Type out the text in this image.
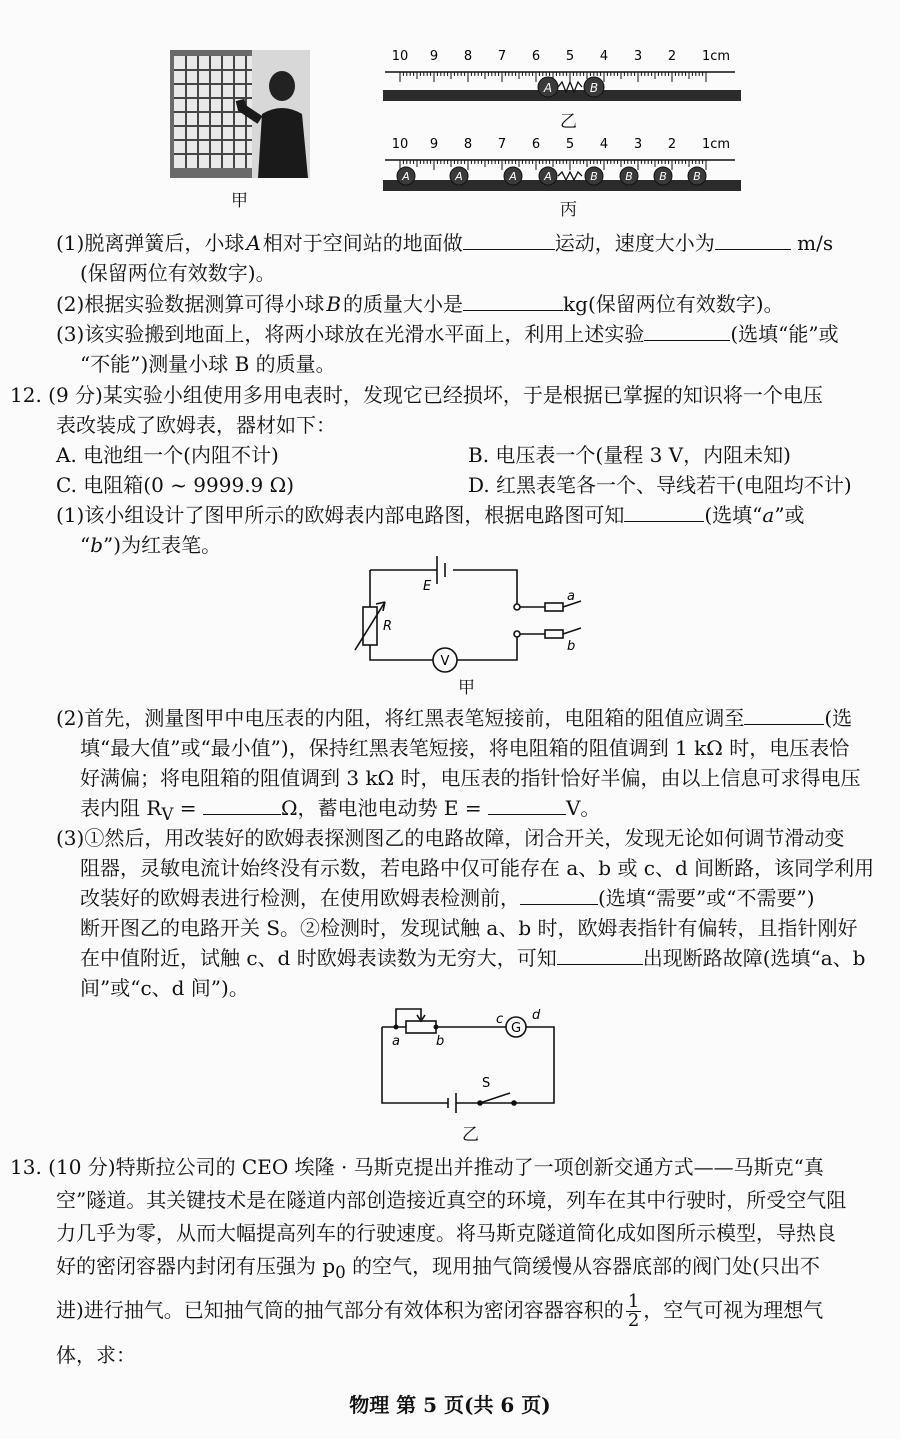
甲
10 9 8 7 6 5 4 3 2 1cm
A	B
乙
10 9 8 7 6 5 4 3 2 1cm
A	A	A A	B B B B
丙
(1)脱离弹簧后，小球  A  相对于空间站的地面做	运动，速度大小为	m/s
(保留两位有效数字)。
(2)根据实验数据测算可得小球  B  的质量大小是	kg(保留两位有效数字)。
(3)该实验搬到地面上，将两小球放在光滑水平面上，利用上述实验	(选填“能”或
“不能”)测量小球 B 的质量。
12. (9 分)某实验小组使用多用电表时，发现它已经损坏，于是根据已掌握的知识将一个电压
表改装成了欧姆表，器材如下：
A. 电池组一个(内阻不计)	B. 电压表一个(量程 3 V，内阻未知)
C. 电阻箱(0 ~ 9999.9 Ω)	D. 红黑表笔各一个、导线若干(电阻均不计)
(1)该小组设计了图甲所示的欧姆表内部电路图，根据电路图可知	(选填“a”或
“b”)为红表笔。
E
R
V
a
b
甲
(2)首先，测量图甲中电压表的内阻，将红黑表笔短接前，电阻箱的阻值应调至	(选
填“最大值”或“最小值”)，保持红黑表笔短接，将电阻箱的阻值调到 1 kΩ 时，电压表恰
好满偏；将电阻箱的阻值调到 3 kΩ 时，电压表的指针恰好半偏，由以上信息可求得电压
表内阻 $R_V$ =	Ω，蓄电池电动势 E =	V。
(3)①然后，用改装好的欧姆表探测图乙的电路故障，闭合开关，发现无论如何调节滑动变
阻器，灵敏电流计始终没有示数，若电路中仅可能存在 a、b 或 c、d 间断路，该同学利用
改装好的欧姆表进行检测，在使用欧姆表检测前，	(选填“需要”或“不需要”)
断开图乙的电路开关 S。②检测时，发现试触 a、b 时，欧姆表指针有偏转，且指针刚好
在中值附近，试触 c、d 时欧姆表读数为无穷大，可知	出现断路故障(选填“a、b
间”或“c、d 间”)。
a	b
c d
G
S
乙
13. (10 分)特斯拉公司的 CEO 埃隆 · 马斯克提出并推动了一项创新交通方式——马斯克“真
空”隧道。其关键技术是在隧道内部创造接近真空的环境，列车在其中行驶时，所受空气阻
力几乎为零，从而大幅提高列车的行驶速度。将马斯克隧道简化成如图所示模型，导热良
好的密闭容器内封闭有压强为 $p_0$ 的空气，现用抽气筒缓慢从容器底部的阀门处(只出不
进)进行抽气。已知抽气筒的抽气部分有效体积为密闭容器容积的 $\frac{1}{2}$ ，空气可视为理想气
体，求：
物理 第 5 页(共 6 页)
